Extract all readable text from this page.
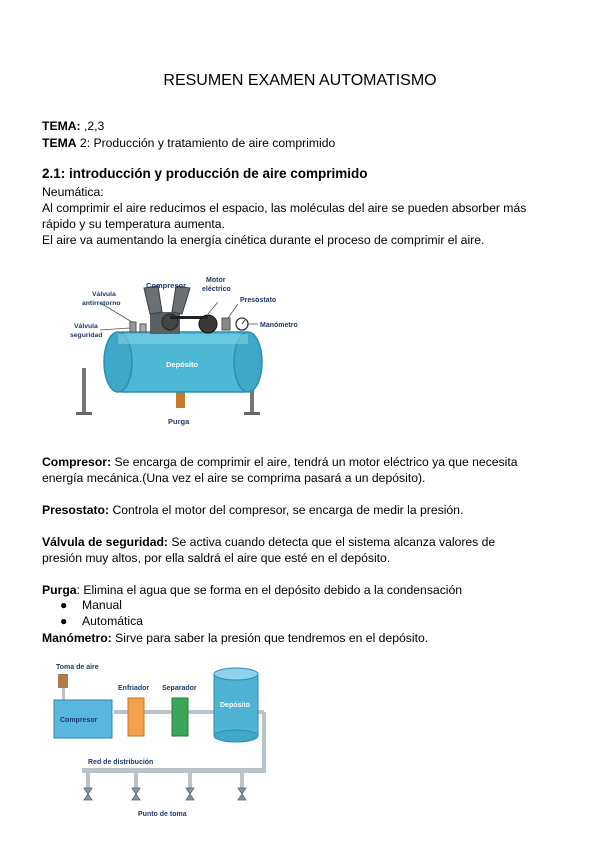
RESUMEN EXAMEN AUTOMATISMO
TEMA: ,2,3
TEMA 2: Producción y tratamiento de aire comprimido
2.1: introducción y producción de aire comprimido
Neumática:
Al comprimir el aire reducimos el espacio, las moléculas del aire se pueden absorber más
rápido y su temperatura aumenta.
El aire va aumentando la energía cinética durante el proceso de comprimir el aire.
Compresor
Motor
eléctrico
Válvula
antirretorno	Presostato
Válvula
seguridad
Manómetro
Depósito
Purga
Compresor: Se encarga de comprimir el aire, tendrá un motor eléctrico ya que necesita
energía mecánica.(Una vez el aire se comprima pasará a un depósito).
Presostato: Controla el motor del compresor, se encarga de medir la presión.
Válvula de seguridad: Se activa cuando detecta que el sistema alcanza valores de
presión muy altos, por ella saldrá el aire que esté en el depósito.
Purga: Elimina el agua que se forma en el depósito debido a la condensación
● Manual
● Automática
Manómetro: Sirve para saber la presión que tendremos en el depósito.
Toma de aire
Compresor
Enfriador Separador
Depósito
Red de distribución
Punto de toma
